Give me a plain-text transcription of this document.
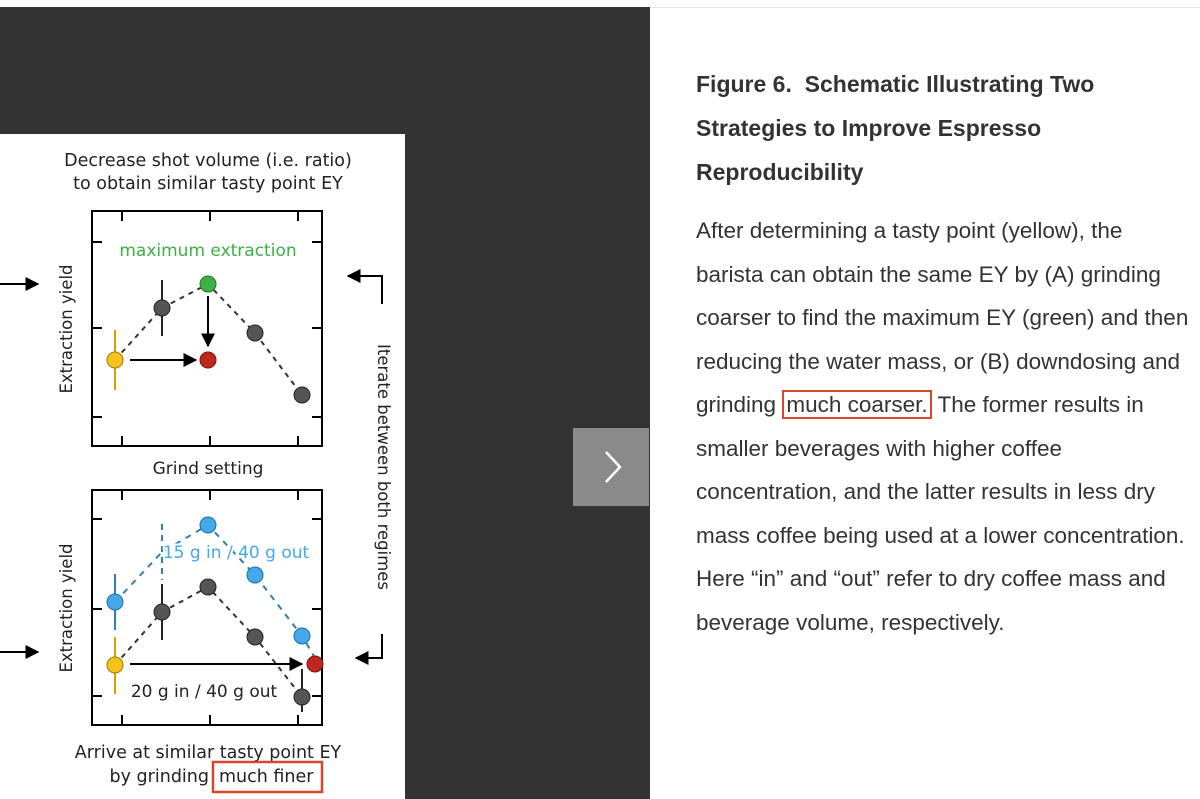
Decrease shot volume (i.e. ratio)
to obtain similar tasty point EY
maximum extraction
Extraction yield
Grind setting
15 g in / 40 g out
20 g in / 40 g out
Extraction yield
Iterate between both regimes
Arrive at similar tasty point EY
by grinding much finer
Figure 6. Schematic Illustrating Two Strategies to Improve Espresso Reproducibility

After determining a tasty point (yellow), the barista can obtain the same EY by (A) grinding coarser to find the maximum EY (green) and then reducing the water mass, or (B) downdosing and grinding much coarser. The former results in smaller beverages with higher coffee concentration, and the latter results in less dry mass coffee being used at a lower concentration. Here “in” and “out” refer to dry coffee mass and beverage volume, respectively.
